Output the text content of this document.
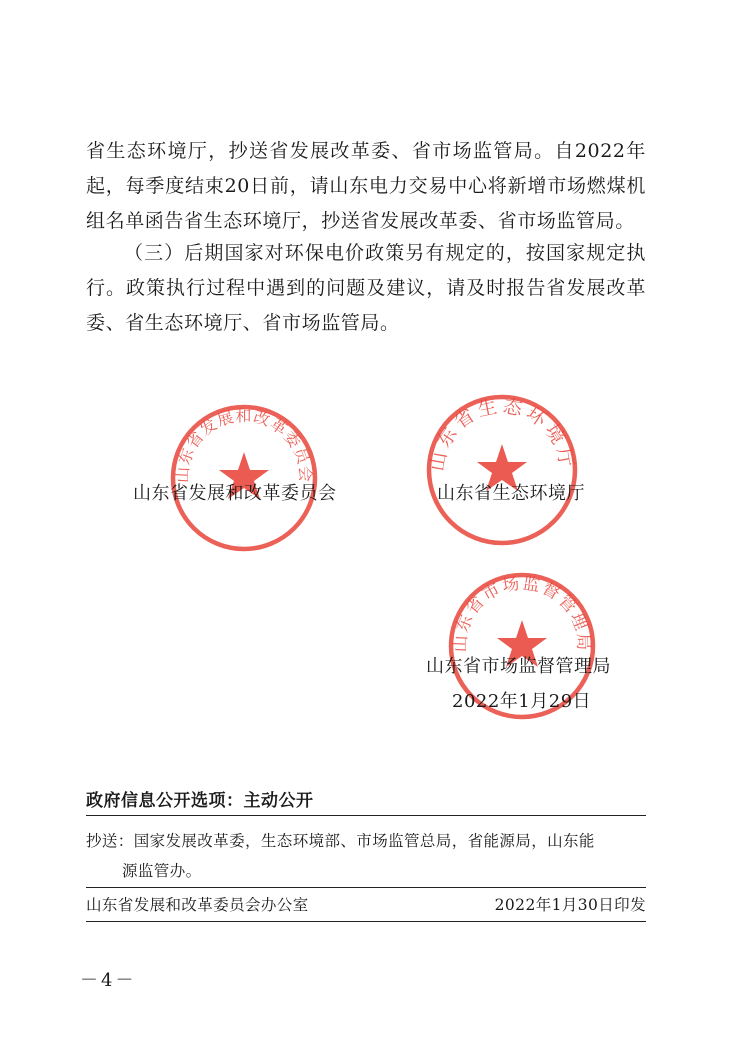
省生态环境厅，抄送省发展改革委、省市场监管局。自2022年起，每季度结束20日前，请山东电力交易中心将新增市场燃煤机组名单函告省生态环境厅，抄送省发展改革委、省市场监管局。

（三）后期国家对环保电价政策另有规定的，按国家规定执行。政策执行过程中遇到的问题及建议，请及时报告省发展改革委、省生态环境厅、省市场监管局。

山东省发展和改革委员会
山东省发展和改革委员会
山东省生态环境厅
山东省生态环境厅
山东省市场监督管理局
山东省市场监督管理局
2022年1月29日
政府信息公开选项：主动公开
抄送：国家发展改革委，生态环境部、市场监管总局，省能源局，山东能
源监管办。
山东省发展和改革委员会办公室	2022年1月30日印发
－4－
